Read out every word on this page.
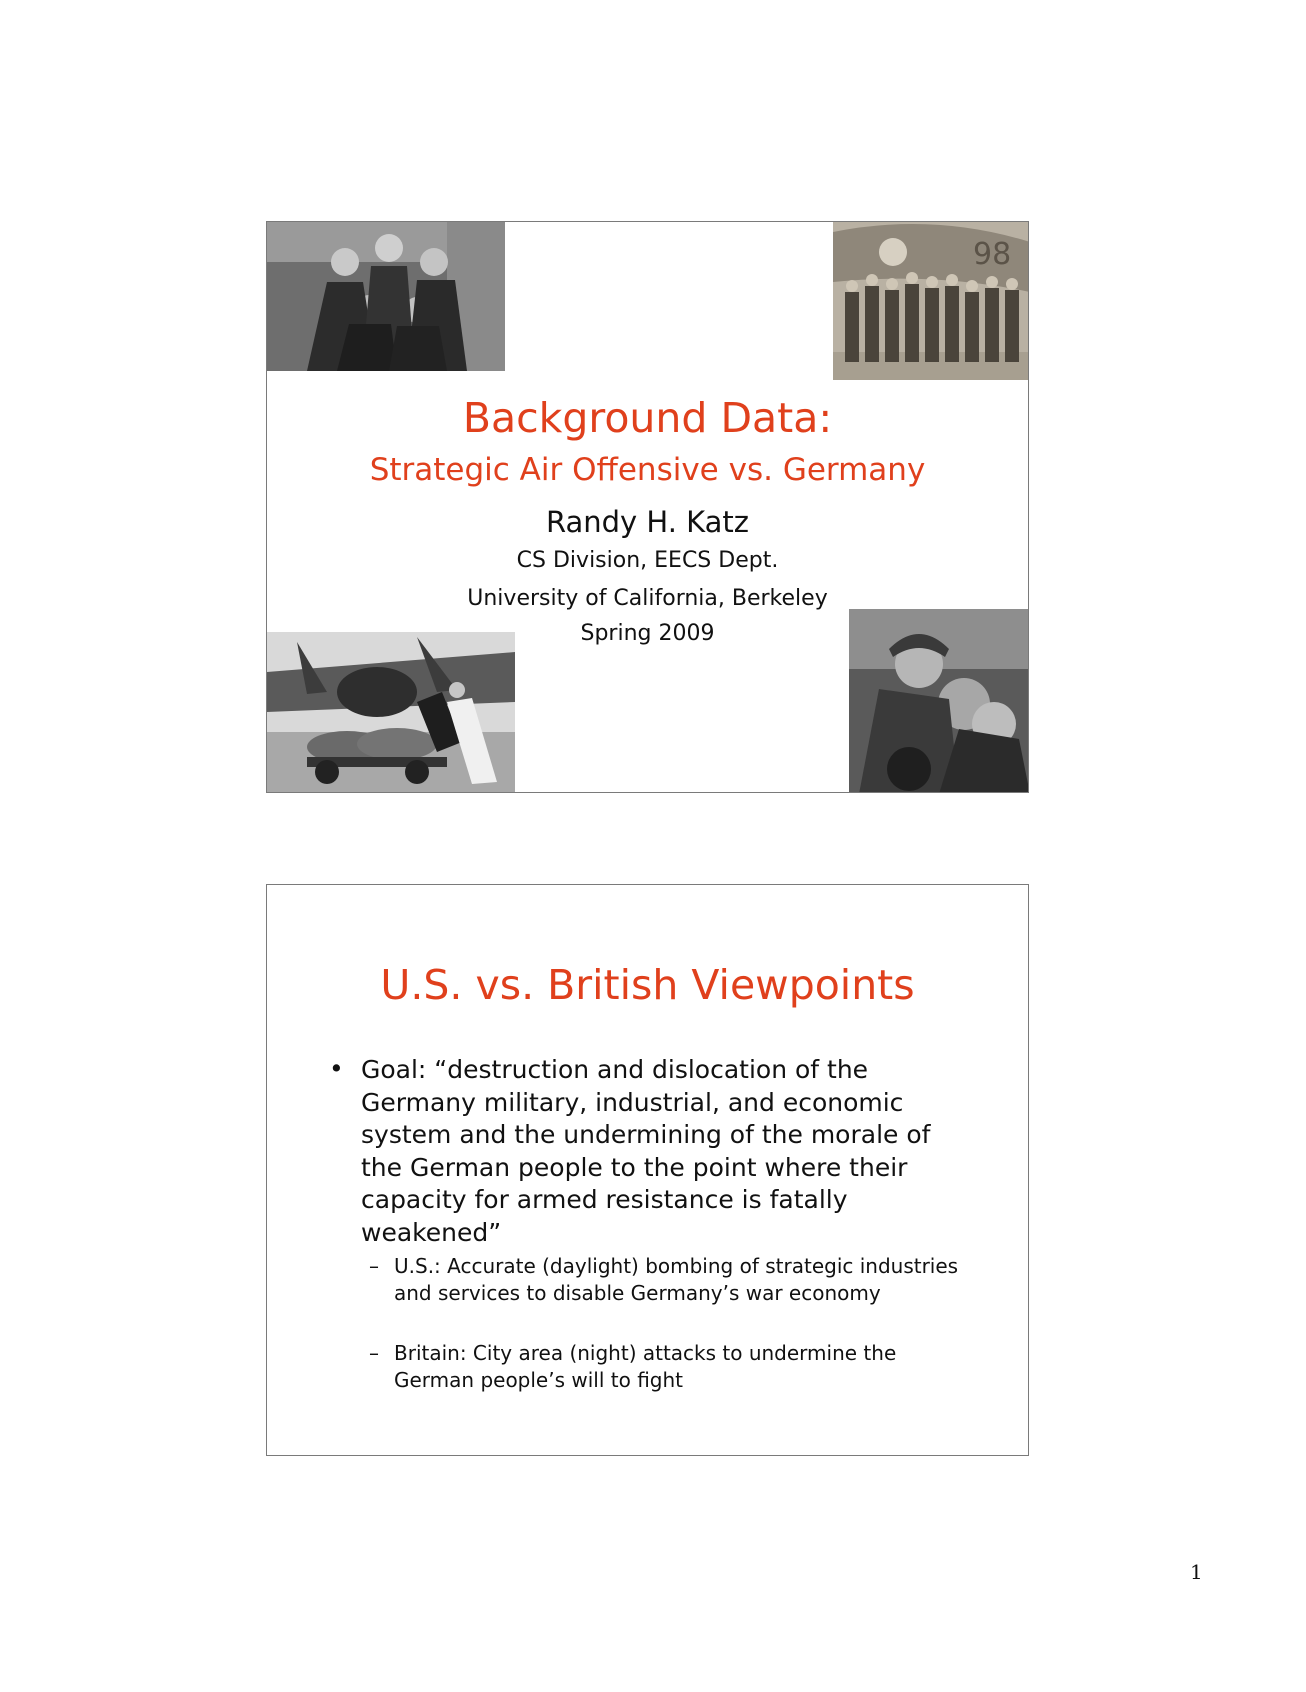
98
Background Data:
Strategic Air Offensive vs. Germany
Randy H. Katz
CS Division, EECS Dept.
University of California, Berkeley
Spring 2009
U.S. vs. British Viewpoints
• Goal: “destruction and dislocation of the Germany military, industrial, and economic system and the undermining of the morale of the German people to the point where their capacity for armed resistance is fatally weakened”
– U.S.: Accurate (daylight) bombing of strategic industries and services to disable Germany’s war economy
– Britain: City area (night) attacks to undermine the German people’s will to fight
1
